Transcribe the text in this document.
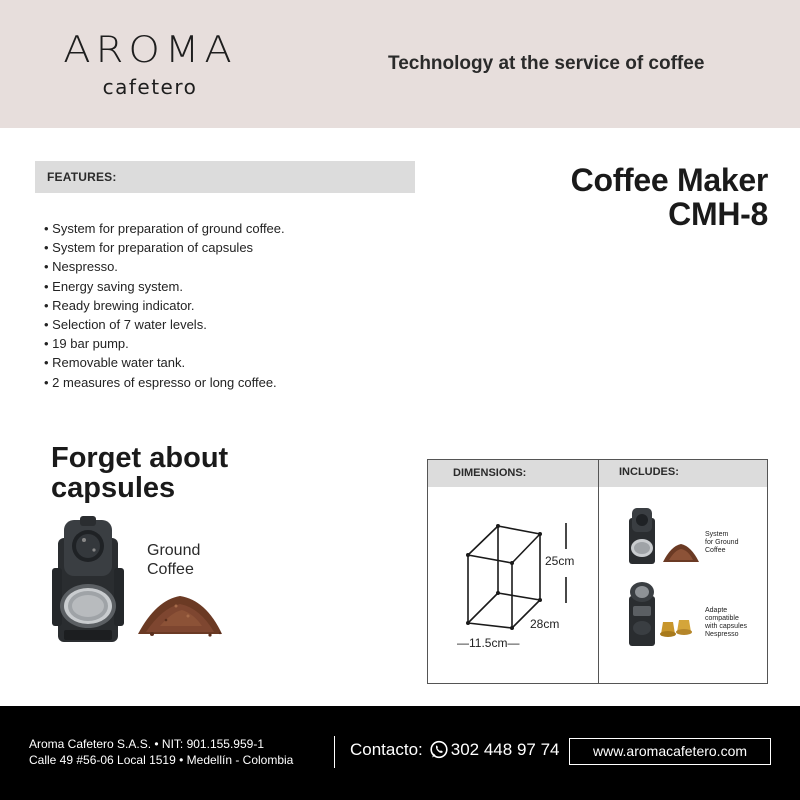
AROMA
cafetero
Technology at the service of coffee
FEATURES:
• System for preparation of ground coffee.
• System for preparation of capsules
• Nespresso.
• Energy saving system.
• Ready brewing indicator.
• Selection of 7 water levels.
• 19 bar pump.
• Removable water tank.
• 2 measures of espresso or long coffee.
Coffee Maker
CMH-8
Forget about
capsules
Ground
Coffee
DIMENSIONS:	INCLUDES:
25cm
28cm
—11.5cm—
System
for Ground
Coffee
Adapte
compatible
with capsules
Nespresso
Aroma Cafetero S.A.S. • NIT: 901.155.959-1
Calle 49 #56-06 Local 1519 • Medellín - Colombia
Contacto: 302 448 97 74	www.aromacafetero.com
